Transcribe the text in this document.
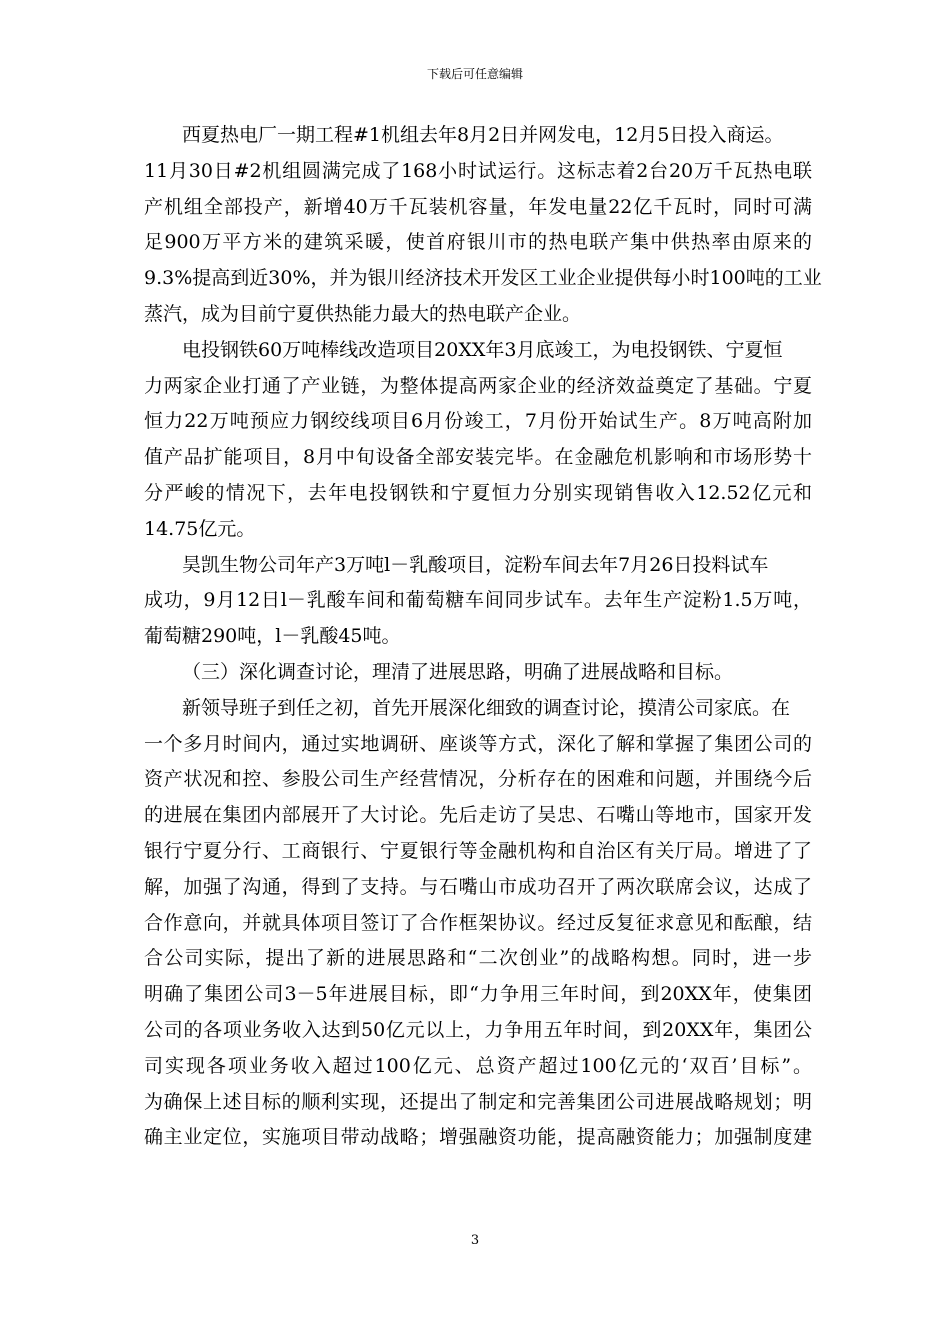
下载后可任意编辑
西夏热电厂一期工程#1机组去年8月2日并网发电，12月5日投入商运。
11月30日#2机组圆满完成了168小时试运行。这标志着2台20万千瓦热电联
产机组全部投产，新增40万千瓦装机容量，年发电量22亿千瓦时，同时可满
足900万平方米的建筑采暖，使首府银川市的热电联产集中供热率由原来的
9.3%提高到近30%，并为银川经济技术开发区工业企业提供每小时100吨的工业
蒸汽，成为目前宁夏供热能力最大的热电联产企业。
电投钢铁60万吨棒线改造项目20XX年3月底竣工，为电投钢铁、宁夏恒
力两家企业打通了产业链，为整体提高两家企业的经济效益奠定了基础。宁夏
恒力22万吨预应力钢绞线项目6月份竣工，7月份开始试生产。8万吨高附加
值产品扩能项目，8月中旬设备全部安装完毕。在金融危机影响和市场形势十
分严峻的情况下，去年电投钢铁和宁夏恒力分别实现销售收入12.52亿元和
14.75亿元。
昊凯生物公司年产3万吨l－乳酸项目，淀粉车间去年7月26日投料试车
成功，9月12日l－乳酸车间和葡萄糖车间同步试车。去年生产淀粉1.5万吨，
葡萄糖290吨，l－乳酸45吨。
（三）深化调查讨论，理清了进展思路，明确了进展战略和目标。
新领导班子到任之初，首先开展深化细致的调查讨论，摸清公司家底。在
一个多月时间内，通过实地调研、座谈等方式，深化了解和掌握了集团公司的
资产状况和控、参股公司生产经营情况，分析存在的困难和问题，并围绕今后
的进展在集团内部展开了大讨论。先后走访了吴忠、石嘴山等地市，国家开发
银行宁夏分行、工商银行、宁夏银行等金融机构和自治区有关厅局。增进了了
解，加强了沟通，得到了支持。与石嘴山市成功召开了两次联席会议，达成了
合作意向，并就具体项目签订了合作框架协议。经过反复征求意见和酝酿，结
合公司实际，提出了新的进展思路和“二次创业”的战略构想。同时，进一步
明确了集团公司3－5年进展目标，即“力争用三年时间，到20XX年，使集团
公司的各项业务收入达到50亿元以上，力争用五年时间，到20XX年，集团公
司实现各项业务收入超过100亿元、总资产超过100亿元的‘双百’目标”。
为确保上述目标的顺利实现，还提出了制定和完善集团公司进展战略规划；明
确主业定位，实施项目带动战略；增强融资功能，提高融资能力；加强制度建
3
